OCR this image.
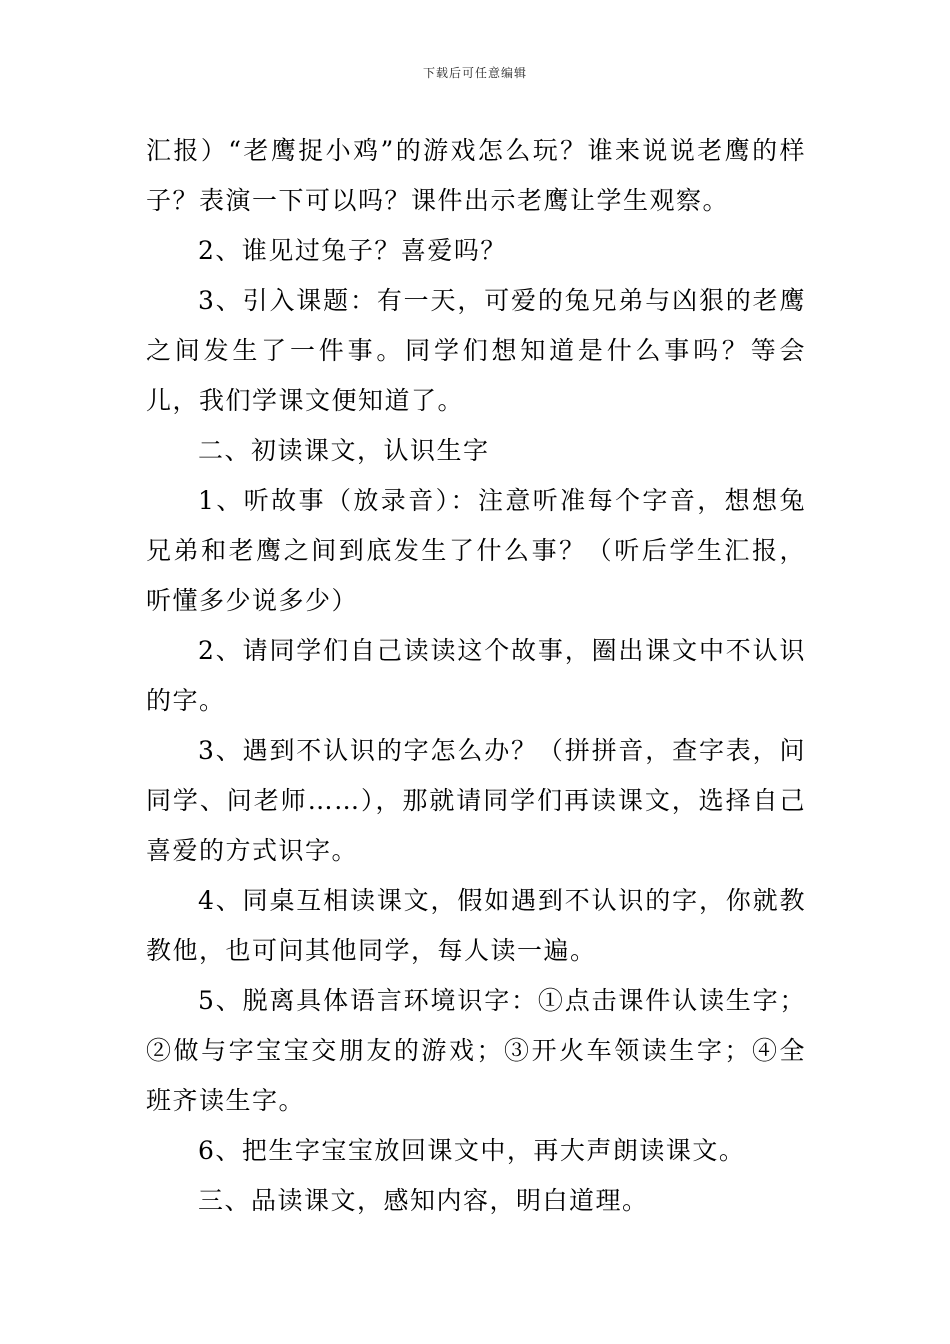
下载后可任意编辑

汇报）“老鹰捉小鸡”的游戏怎么玩？谁来说说老鹰的样子？表演一下可以吗？课件出示老鹰让学生观察。

2、谁见过兔子？喜爱吗？

3、引入课题：有一天，可爱的兔兄弟与凶狠的老鹰之间发生了一件事。同学们想知道是什么事吗？等会儿，我们学课文便知道了。

二、初读课文，认识生字

1、听故事（放录音）：注意听准每个字音，想想兔兄弟和老鹰之间到底发生了什么事？（听后学生汇报，听懂多少说多少）

2、请同学们自己读读这个故事，圈出课文中不认识的字。

3、遇到不认识的字怎么办？（拼拼音，查字表，问同学、问老师……），那就请同学们再读课文，选择自己喜爱的方式识字。

4、同桌互相读课文，假如遇到不认识的字，你就教教他，也可问其他同学，每人读一遍。

5、脱离具体语言环境识字：①点击课件认读生字；②做与字宝宝交朋友的游戏；③开火车领读生字；④全班齐读生字。

6、把生字宝宝放回课文中，再大声朗读课文。

三、品读课文，感知内容，明白道理。
